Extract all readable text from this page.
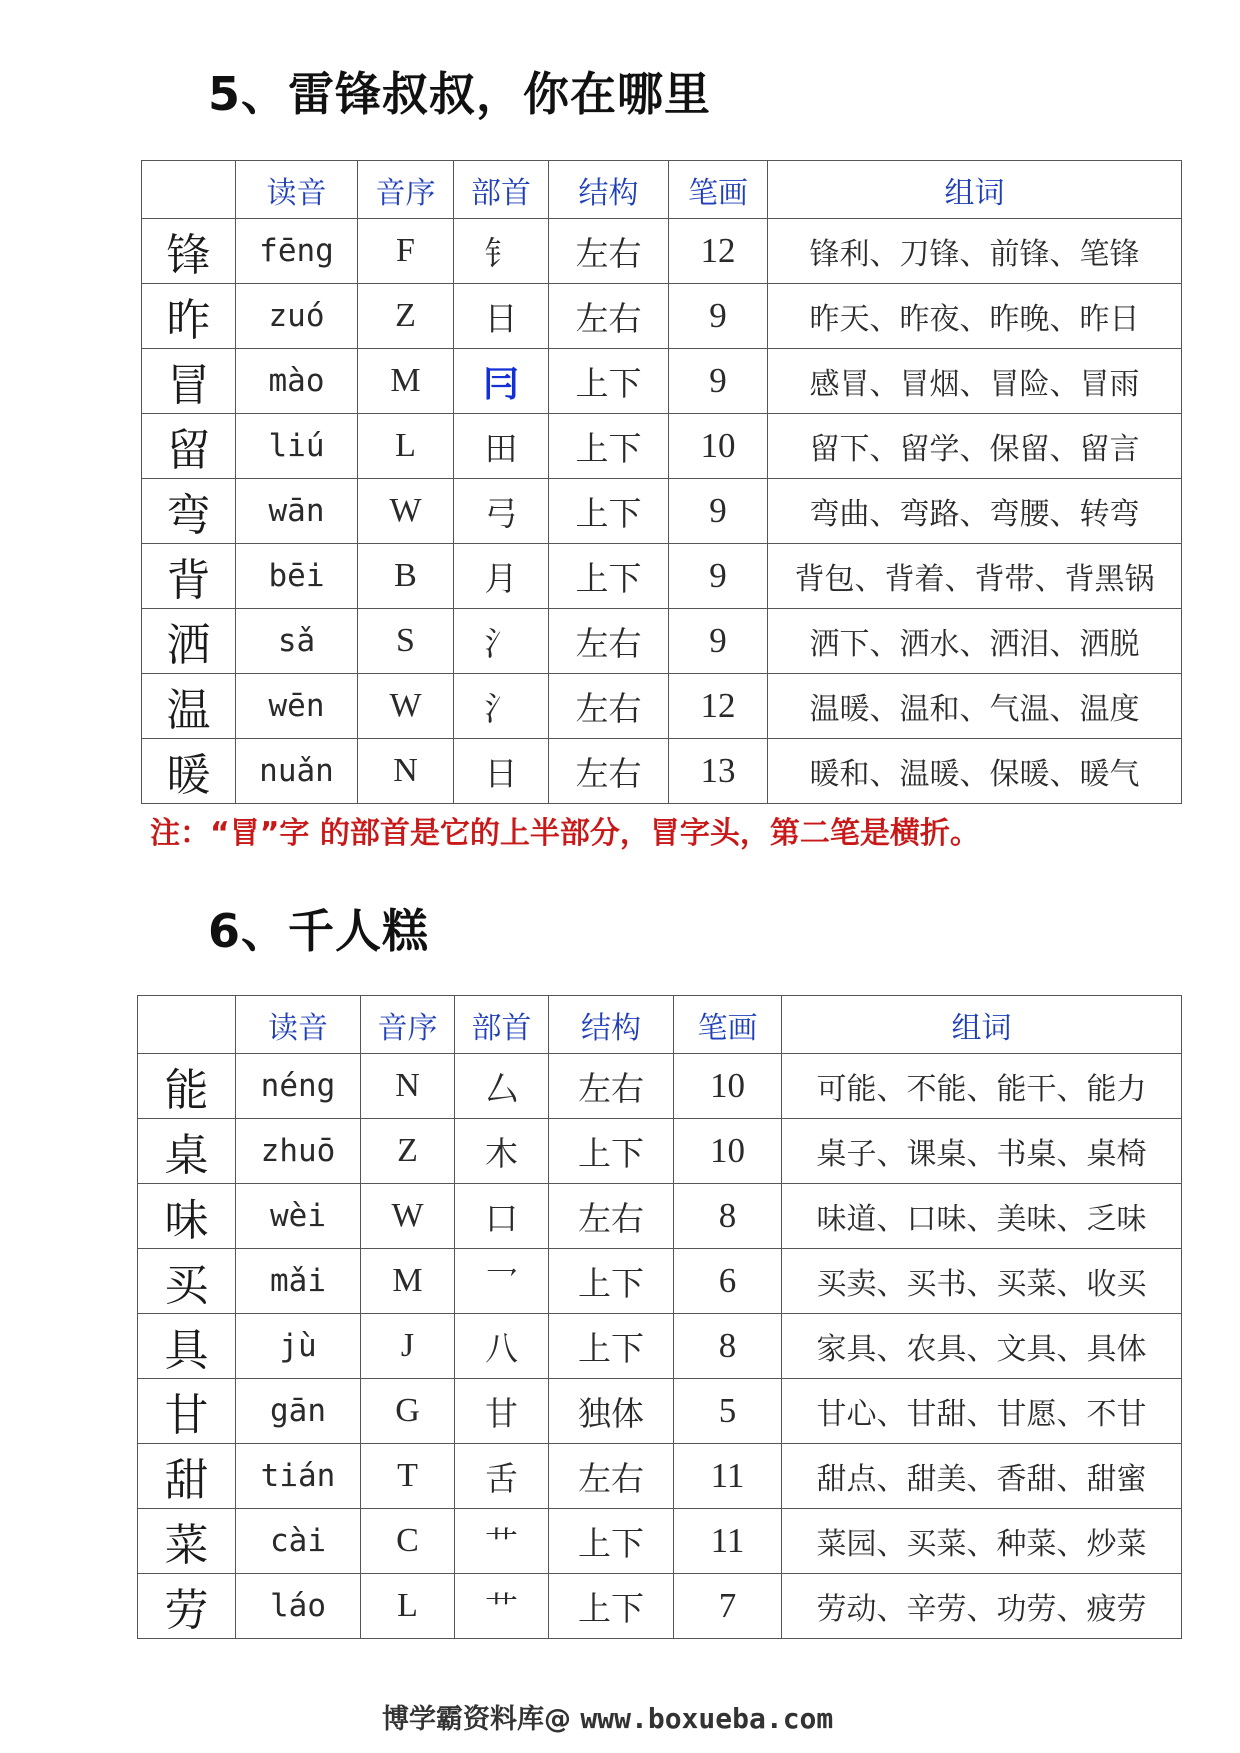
5、雷锋叔叔，你在哪里
	读音	音序	部首	结构	笔画	组词
锋	fēng	F	钅	左右	12	锋利、刀锋、前锋、笔锋
昨	zuó	Z	日	左右	9	昨天、昨夜、昨晚、昨日
冒	mào	M	冃	上下	9	感冒、冒烟、冒险、冒雨
留	liú	L	田	上下	10	留下、留学、保留、留言
弯	wān	W	弓	上下	9	弯曲、弯路、弯腰、转弯
背	bēi	B	月	上下	9	背包、背着、背带、背黑锅
洒	sǎ	S	氵	左右	9	洒下、洒水、洒泪、洒脱
温	wēn	W	氵	左右	12	温暖、温和、气温、温度
暖	nuǎn	N	日	左右	13	暖和、温暖、保暖、暖气
注：“冒”字 的部首是它的上半部分，冒字头，第二笔是横折。
6、千人糕
	读音	音序	部首	结构	笔画	组词
能	néng	N	厶	左右	10	可能、不能、能干、能力
桌	zhuō	Z	木	上下	10	桌子、课桌、书桌、桌椅
味	wèi	W	口	左右	8	味道、口味、美味、乏味
买	mǎi	M	乛	上下	6	买卖、买书、买菜、收买
具	jù	J	八	上下	8	家具、农具、文具、具体
甘	gān	G	甘	独体	5	甘心、甘甜、甘愿、不甘
甜	tián	T	舌	左右	11	甜点、甜美、香甜、甜蜜
菜	cài	C	艹	上下	11	菜园、买菜、种菜、炒菜
劳	láo	L	艹	上下	7	劳动、辛劳、功劳、疲劳
博学霸资料库@ www.boxueba.com
